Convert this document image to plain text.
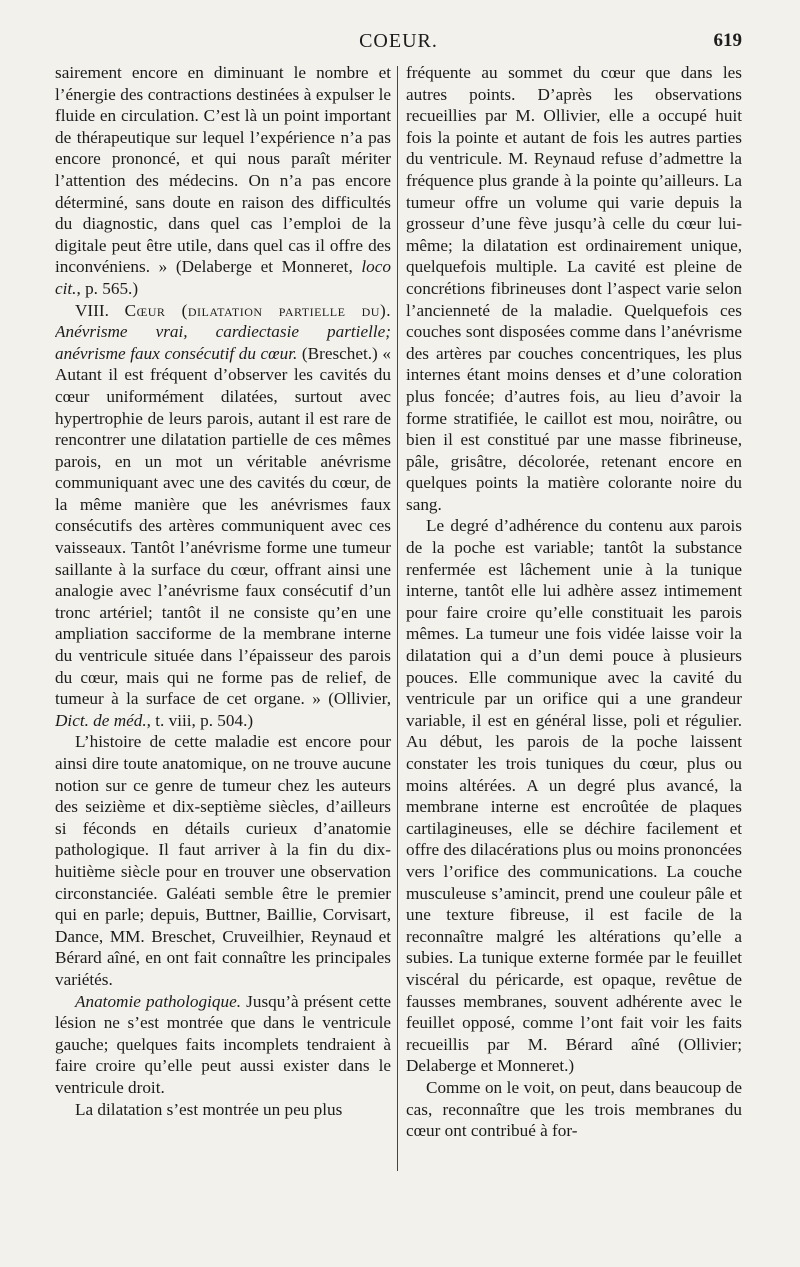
COEUR.	619

sairement encore en diminuant le nombre et l’énergie des contractions destinées à expulser le fluide en circulation. C’est là un point important de thérapeutique sur lequel l’expérience n’a pas encore prononcé, et qui nous paraît mériter l’attention des médecins. On n’a pas encore déterminé, sans doute en raison des difficultés du diagnostic, dans quel cas l’emploi de la digitale peut être utile, dans quel cas il offre des inconvéniens. » (Delaberge et Monneret, loco cit., p. 565.)

VIII. Cœur (dilatation partielle du). Anévrisme vrai, cardiectasie partielle; anévrisme faux consécutif du cœur. (Breschet.) « Autant il est fréquent d’observer les cavités du cœur uniformément dilatées, surtout avec hypertrophie de leurs parois, autant il est rare de rencontrer une dilatation partielle de ces mêmes parois, en un mot un véritable anévrisme communiquant avec une des cavités du cœur, de la même manière que les anévrismes faux consécutifs des artères communiquent avec ces vaisseaux. Tantôt l’anévrisme forme une tumeur saillante à la surface du cœur, offrant ainsi une analogie avec l’anévrisme faux consécutif d’un tronc artériel; tantôt il ne consiste qu’en une ampliation sacciforme de la membrane interne du ventricule située dans l’épaisseur des parois du cœur, mais qui ne forme pas de relief, de tumeur à la surface de cet organe. » (Ollivier, Dict. de méd., t. viii, p. 504.)

L’histoire de cette maladie est encore pour ainsi dire toute anatomique, on ne trouve aucune notion sur ce genre de tumeur chez les auteurs des seizième et dix-septième siècles, d’ailleurs si féconds en détails curieux d’anatomie pathologique. Il faut arriver à la fin du dix-huitième siècle pour en trouver une observation circonstanciée. Galéati semble être le premier qui en parle; depuis, Buttner, Baillie, Corvisart, Dance, MM. Breschet, Cruveilhier, Reynaud et Bérard aîné, en ont fait connaître les principales variétés.

Anatomie pathologique. Jusqu’à présent cette lésion ne s’est montrée que dans le ventricule gauche; quelques faits incomplets tendraient à faire croire qu’elle peut aussi exister dans le ventricule droit.

La dilatation s’est montrée un peu plus

fréquente au sommet du cœur que dans les autres points. D’après les observations recueillies par M. Ollivier, elle a occupé huit fois la pointe et autant de fois les autres parties du ventricule. M. Reynaud refuse d’admettre la fréquence plus grande à la pointe qu’ailleurs. La tumeur offre un volume qui varie depuis la grosseur d’une fève jusqu’à celle du cœur lui-même; la dilatation est ordinairement unique, quelquefois multiple. La cavité est pleine de concrétions fibrineuses dont l’aspect varie selon l’ancienneté de la maladie. Quelquefois ces couches sont disposées comme dans l’anévrisme des artères par couches concentriques, les plus internes étant moins denses et d’une coloration plus foncée; d’autres fois, au lieu d’avoir la forme stratifiée, le caillot est mou, noirâtre, ou bien il est constitué par une masse fibrineuse, pâle, grisâtre, décolorée, retenant encore en quelques points la matière colorante noire du sang.

Le degré d’adhérence du contenu aux parois de la poche est variable; tantôt la substance renfermée est lâchement unie à la tunique interne, tantôt elle lui adhère assez intimement pour faire croire qu’elle constituait les parois mêmes. La tumeur une fois vidée laisse voir la dilatation qui a d’un demi pouce à plusieurs pouces. Elle communique avec la cavité du ventricule par un orifice qui a une grandeur variable, il est en général lisse, poli et régulier. Au début, les parois de la poche laissent constater les trois tuniques du cœur, plus ou moins altérées. A un degré plus avancé, la membrane interne est encroûtée de plaques cartilagineuses, elle se déchire facilement et offre des dilacérations plus ou moins prononcées vers l’orifice des communications. La couche musculeuse s’amincit, prend une couleur pâle et une texture fibreuse, il est facile de la reconnaître malgré les altérations qu’elle a subies. La tunique externe formée par le feuillet viscéral du péricarde, est opaque, revêtue de fausses membranes, souvent adhérente avec le feuillet opposé, comme l’ont fait voir les faits recueillis par M. Bérard aîné (Ollivier; Delaberge et Monneret.)

Comme on le voit, on peut, dans beaucoup de cas, reconnaître que les trois membranes du cœur ont contribué à for-
